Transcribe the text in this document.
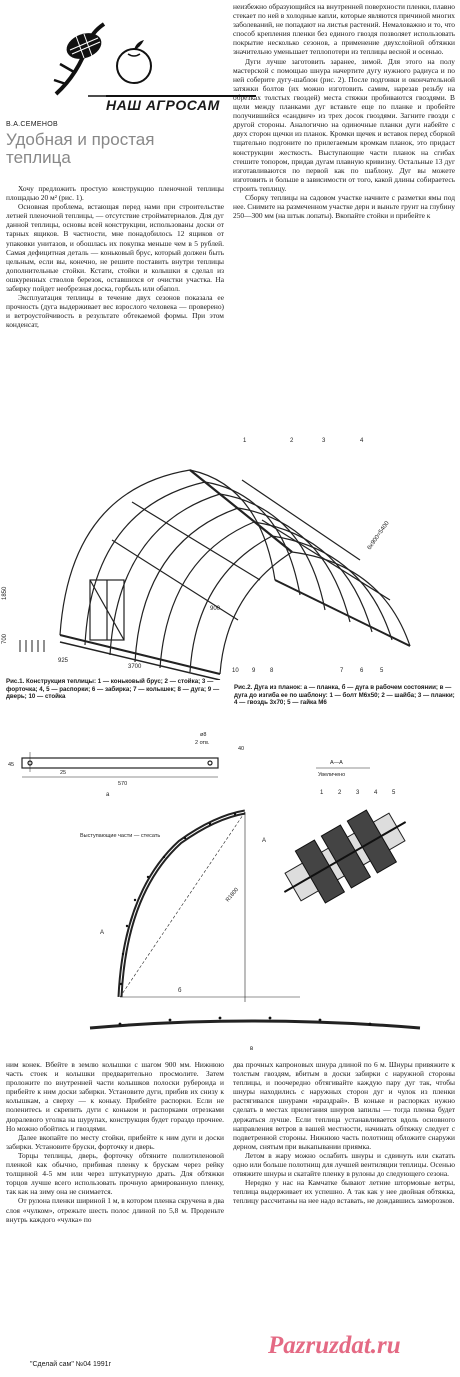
НАШ АГРОСАМ
В.А.СЕМЕНОВ
Удобная и простая
теплица

Хочу предложить простую конструкцию пленочной теплицы площадью 20 м² (рис. 1).

Основная проблема, встающая перед нами при строительстве летней пленочной теплицы, — отсутствие стройматериалов. Для дуг данной теплицы, основы всей конструкции, использованы доски от тарных ящиков. В частности, мне понадобилось 12 ящиков от упаковки унитазов, и обошлась их покупка меньше чем в 5 рублей. Самая дефицитная деталь — коньковый брус, который должен быть цельным, если вы, конечно, не решите поставить внутри теплицы дополнительные стойки. Кстати, стойки и колышки я сделал из ошкуренных стволов березок, оставшихся от очистки участка. На забирку пойдет необрезная доска, горбыль или обапол.

Эксплуатация теплицы в течение двух сезонов показала ее прочность (дуга выдерживает вес взрослого человека — проверено) и ветроустойчивость в результате обтекаемой формы. При этом конденсат,

неизбежно образующийся на внутренней поверхности пленки, плавно стекает по ней в холодные капли, которые являются причиной многих заболеваний, не попадают на листья растений. Немаловажно и то, что способ крепления пленки без единого гвоздя позволяет использовать покрытие несколько сезонов, а применение двухслойной обтяжки значительно уменьшает теплопотери из теплицы весной и осенью.

Дуги лучше заготовить заранее, зимой. Для этого на полу мастерской с помощью шнура начертите дугу нужного радиуса и по ней соберите дугу-шаблон (рис. 2). После подгонки и окончательной затяжки болтов (их можно изготовить самим, нарезав резьбу на обрезках толстых гвоздей) места стяжки пробиваются гвоздями. В щели между планками дуг вставьте еще по планке и пробейте получившийся «сандвич» из трех досок гвоздями. Загните гвозди с другой стороны. Аналогично на одиночные планки дуги набейте с двух сторон щечки из планок. Кромки щечек и вставок перед сборкой тщательно подгоните по прилегаемым кромкам планок, это придаст конструкции жесткость. Выступающие части планок на сгибах стешите топором, придав дугам плавную кривизну. Остальные 13 дуг изготавливаются по первой как по шаблону. Дуг вы можете изготовить и больше в зависимости от того, какой длины собираетесь строить теплицу.

Сборку теплицы на садовом участке начните с разметки ямы под нее. Снимите на размеченном участке дерн и выньте грунт на глубину 250—300 мм (на штык лопаты). Вкопайте стойки и прибейте к

1	2	3	4
10 9 8	7	6	5
925
3700
1850
700
900
6х900=5400

Рис.1. Конструкция теплицы: 1 — коньковый брус; 2 — стойка; 3 — форточка; 4, 5 — распорки; 6 — забирка; 7 — колышек; 8 — дуга; 9 — дверь; 10 — стойка

Рис.2. Дуга из планок: а — планка, б — дуга в рабочем состоянии; в — дуга до изгиба ее по шаблону: 1 — болт М6х50; 2 — шайба; 3 — планки; 4 — гвоздь 3х70; 5 — гайка М6

ø8
2 отв.
45
25
570
а
Выступающие части — стесать
40
R1800
А
А
б
А—А
Увеличено
1 2 3 4 5
в

ним конек. Вбейте в землю колышки с шагом 900 мм. Нижнюю часть стоек и колышки предварительно просмолите. Затем проложите по внутренней части колышков полоски рубероида и прибейте к ним доски забирки. Установите дуги, прибив их снизу к колышкам, а сверху — к коньку. Прибейте распорки. Если не поленитесь и скрепить дуги с коньком и распорками отрезками дюралевого уголка на шурупах, конструкция будет гораздо прочнее. Но можно обойтись и гвоздями.

Далее вкопайте по месту стойки, прибейте к ним дуги и доски забирки. Установите бруски, форточку и дверь.

Торцы теплицы, дверь, форточку обтяните полиэтиленовой пленкой как обычно, прибивая пленку к брускам через рейку толщиной 4-5 мм или через штукатурную драть. Для обтяжки торцов лучше всего использовать прочную армированную пленку, так как на зиму она не снимается.

От рулона пленки шириной 1 м, в котором пленка скручена в два слоя «чулком», отрежьте шесть полос длиной по 5,8 м. Проденьте внутрь каждого «чулка» по

два прочных капроновых шнура длиной по 6 м. Шнуры привяжите к толстым гвоздям, вбитым в доски забирки с наружной стороны теплицы, и поочередно обтягивайте каждую пару дуг так, чтобы шнуры находились с наружных сторон дуг и чулок из пленки растягивался шнурами «враздрай». В коньке и распорках нужно сделать в местах прилегания шнуров запилы — тогда пленка будет держаться лучше. Если теплица устанавливается вдоль основного направления ветров в вашей местности, начинать обтяжку следует с подветренной стороны. Нижнюю часть полотнищ обложите снаружи дерном, снятым при выкапывании приямка.

Летом в жару можно ослабить шнуры и сдвинуть или скатать одно или больше полотнищ для лучшей вентиляции теплицы. Осенью отвяжите шнуры и скатайте пленку в рулоны до следующего сезона.

Нередко у нас на Камчатке бывают летние штормовые ветры, теплица выдерживает их успешно. А так как у нее двойная обтяжка, теплицу рассчитаны на нее надо вставать, не дождавшись заморозков.

"Сделай сам" №04 1991г
Pazruzdat.ru
